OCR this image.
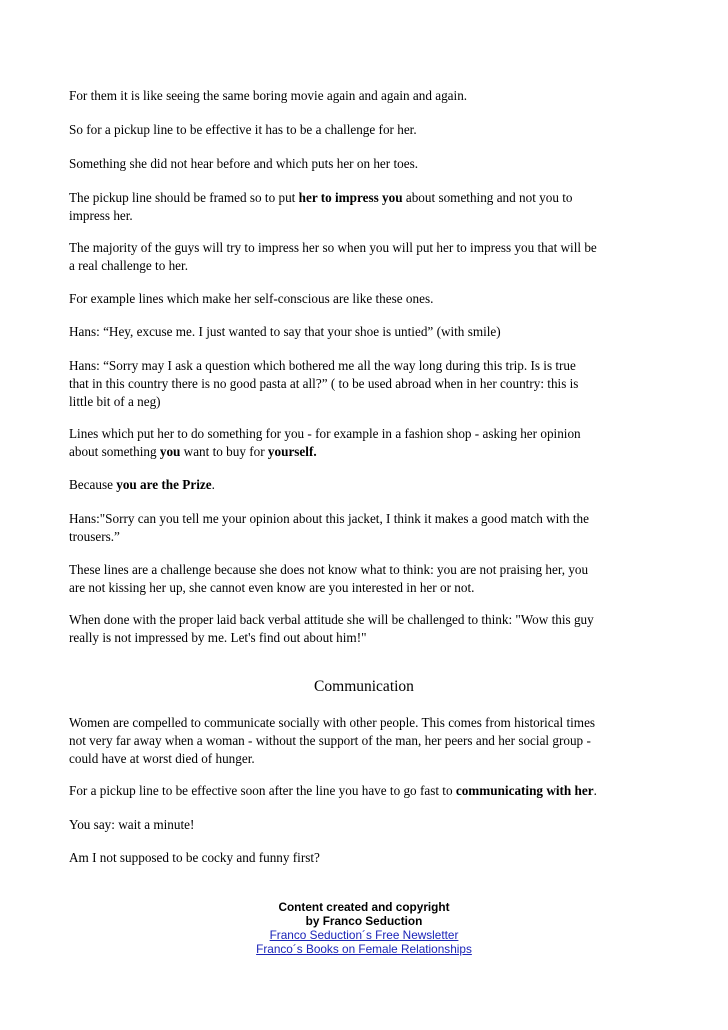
For them it is like seeing the same boring movie again and again and again.

So for a pickup line to be effective it has to be a challenge for her.

Something she did not hear before and which puts her on her toes.

The pickup line should be framed so to put her to impress you about something and not you to

impress her.

The majority of the guys will try to impress her so when you will put her to impress you that will be

a real challenge to her.

For example lines which make her self-conscious are like these ones.

Hans: “Hey, excuse me. I just wanted to say that your shoe is untied” (with smile)

Hans: “Sorry may I ask a question which bothered me all the way long during this trip. Is is true

that in this country there is no good pasta at all?” ( to be used abroad when in her country: this is

little bit of a neg)

Lines which put her to do something for you - for example in a fashion shop - asking her opinion

about something you want to buy for yourself.

Because you are the Prize.

Hans:"Sorry can you tell me your opinion about this jacket, I think it makes a good match with the

trousers.”

These lines are a challenge because she does not know what to think: you are not praising her, you

are not kissing her up, she cannot even know are you interested in her or not.

When done with the proper laid back verbal attitude she will be challenged to think: "Wow this guy

really is not impressed by me. Let's find out about him!"

Communication

Women are compelled to communicate socially with other people. This comes from historical times

not very far away when a woman - without the support of the man, her peers and her social group -

could have at worst died of hunger.

For a pickup line to be effective soon after the line you have to go fast to communicating with her.

You say: wait a minute!

Am I not supposed to be cocky and funny first?

Content created and copyright
by Franco Seduction
Franco Seduction´s Free Newsletter
Franco´s Books on Female Relationships
